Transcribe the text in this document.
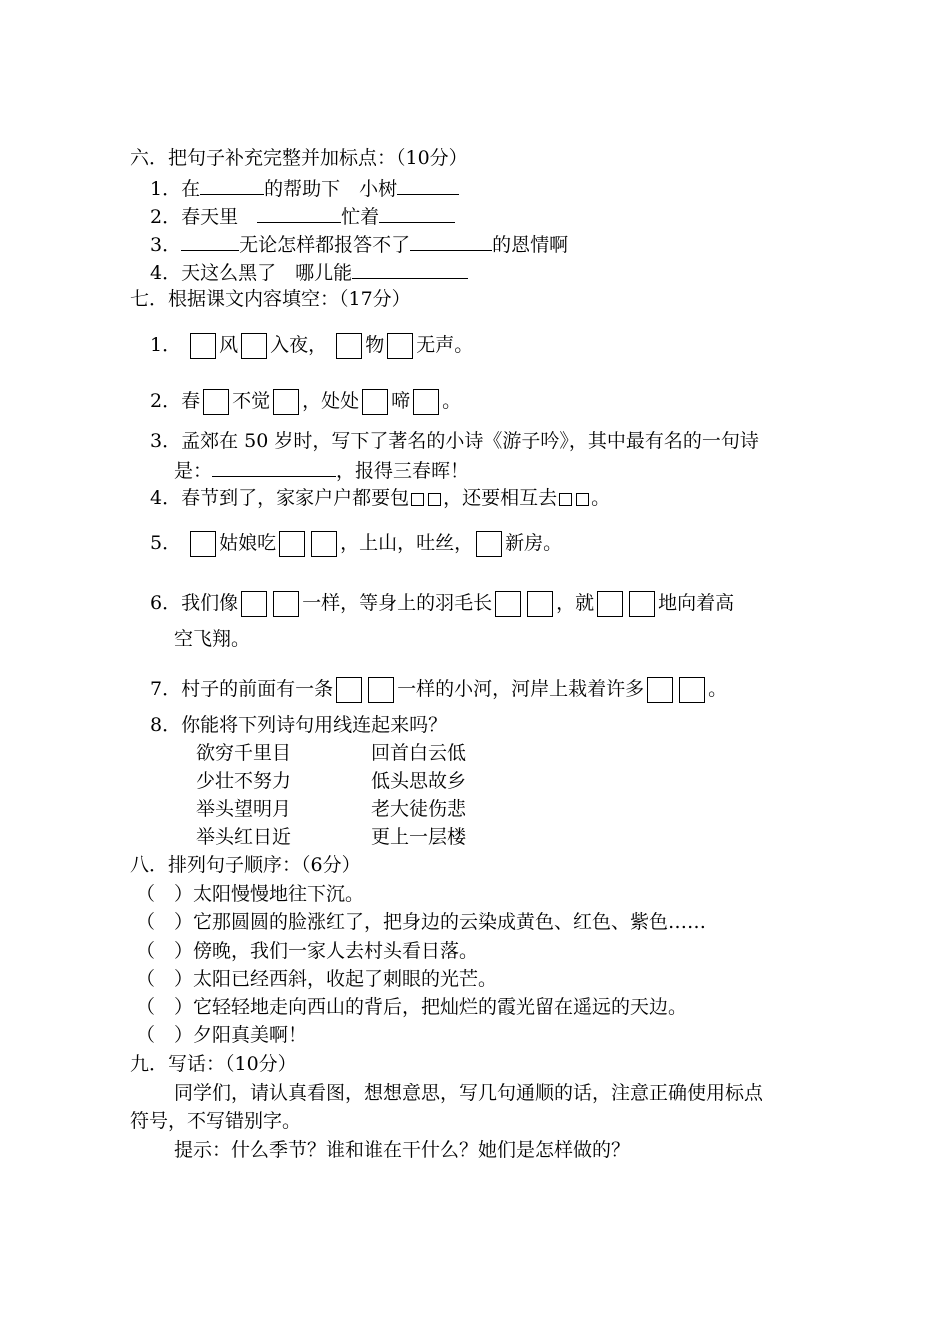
六．把句子补充完整并加标点：（10分）
1．在	的帮助下　小树
2．春天里　	忙着
3．	无论怎样都报答不了	的恩情啊
4．天这么黑了　哪儿能
七．根据课文内容填空：（17分）
1． 风 入夜， 物 无声。
2．春 不觉 ，处处 啼 。
3．孟郊在 50 岁时，写下了著名的小诗《游子吟》，其中最有名的一句诗
是：	，报得三春晖！
4．春节到了，家家户户都要包 ，还要相互去 。
5． 姑娘吃	，上山，吐丝， 新房。
6．我们像	一样，等身上的羽毛长	，就	地向着高
空飞翔。
7．村子的前面有一条	一样的小河，河岸上栽着许多	。
8．你能将下列诗句用线连起来吗？
欲穷千里目	回首白云低
少壮不努力	低头思故乡
举头望明月	老大徒伤悲
举头红日近	更上一层楼
八．排列句子顺序：（6分）
（　）太阳慢慢地往下沉。
（　）它那圆圆的脸涨红了，把身边的云染成黄色、红色、紫色……
（　）傍晚，我们一家人去村头看日落。
（　）太阳已经西斜，收起了刺眼的光芒。
（　）它轻轻地走向西山的背后，把灿烂的霞光留在遥远的天边。
（　）夕阳真美啊！
九．写话：（10分）
同学们，请认真看图，想想意思，写几句通顺的话，注意正确使用标点
符号，不写错别字。
提示：什么季节？谁和谁在干什么？她们是怎样做的？
